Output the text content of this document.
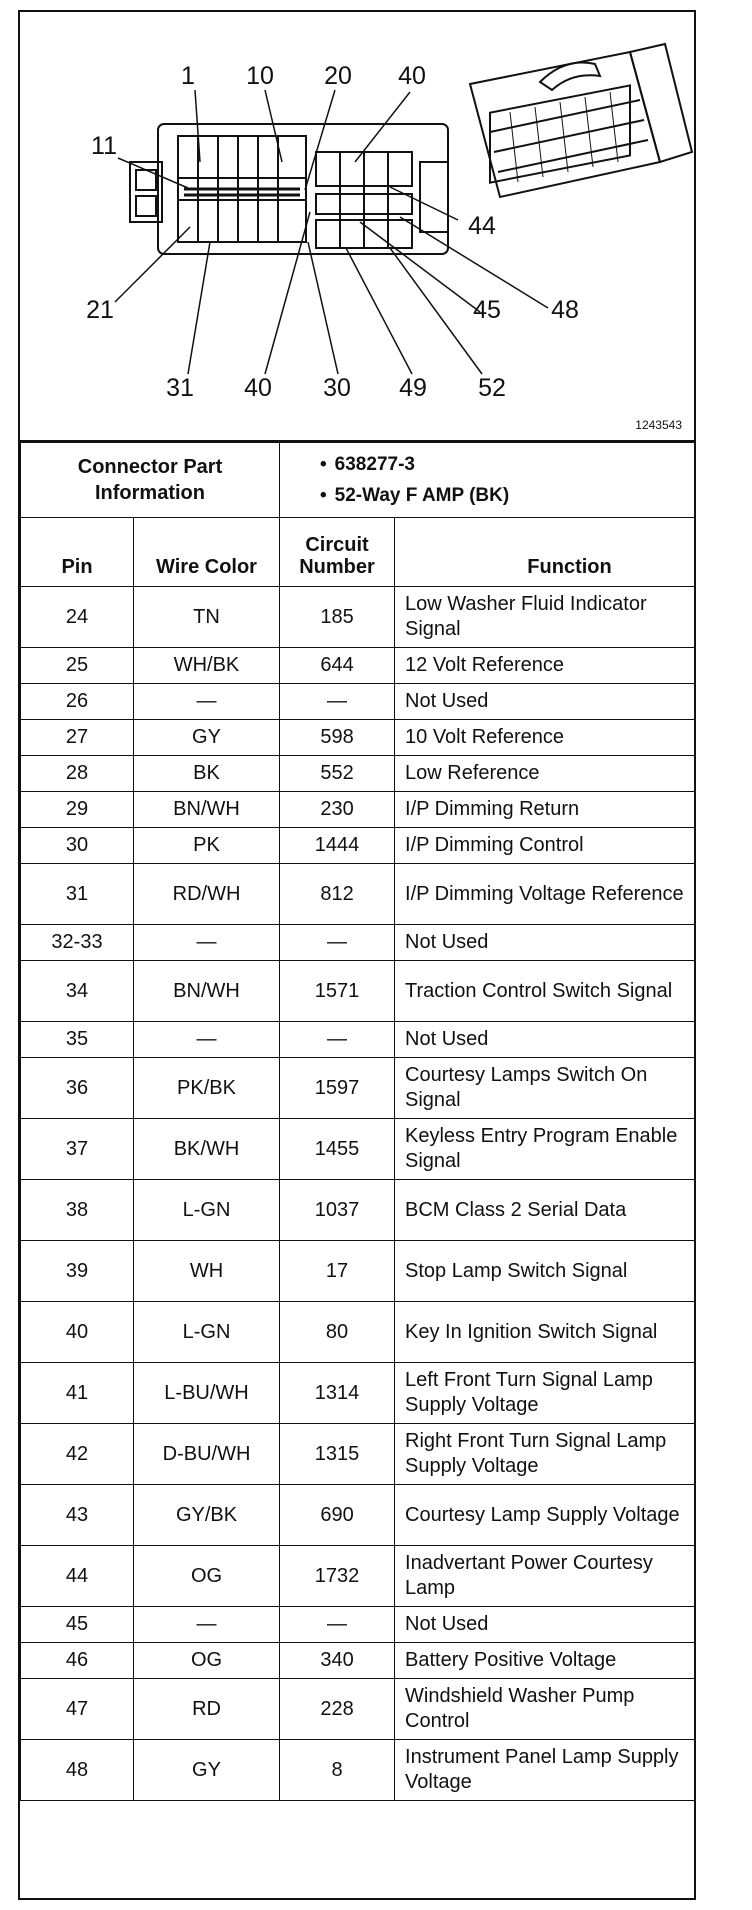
1 10 20 40
11
44
21	45 48
31 40 30 49 52
1243543
Connector Part Information		• 638277-3
• 52-Way F AMP (BK)

Pin	Wire Color	Circuit Number	Function
24	TN	185	Low Washer Fluid Indicator Signal
25	WH/BK	644	12 Volt Reference
26	—	—	Not Used
27	GY	598	10 Volt Reference
28	BK	552	Low Reference
29	BN/WH	230	I/P Dimming Return
30	PK	1444	I/P Dimming Control
31	RD/WH	812	I/P Dimming Voltage Reference
32-33	—	—	Not Used
34	BN/WH	1571	Traction Control Switch Signal
35	—	—	Not Used
36	PK/BK	1597	Courtesy Lamps Switch On Signal
37	BK/WH	1455	Keyless Entry Program Enable Signal
38	L-GN	1037	BCM Class 2 Serial Data
39	WH	17	Stop Lamp Switch Signal
40	L-GN	80	Key In Ignition Switch Signal
41	L-BU/WH	1314	Left Front Turn Signal Lamp Supply Voltage
42	D-BU/WH	1315	Right Front Turn Signal Lamp Supply Voltage
43	GY/BK	690	Courtesy Lamp Supply Voltage
44	OG	1732	Inadvertant Power Courtesy Lamp
45	—	—	Not Used
46	OG	340	Battery Positive Voltage
47	RD	228	Windshield Washer Pump Control
48	GY	8	Instrument Panel Lamp Supply Voltage
